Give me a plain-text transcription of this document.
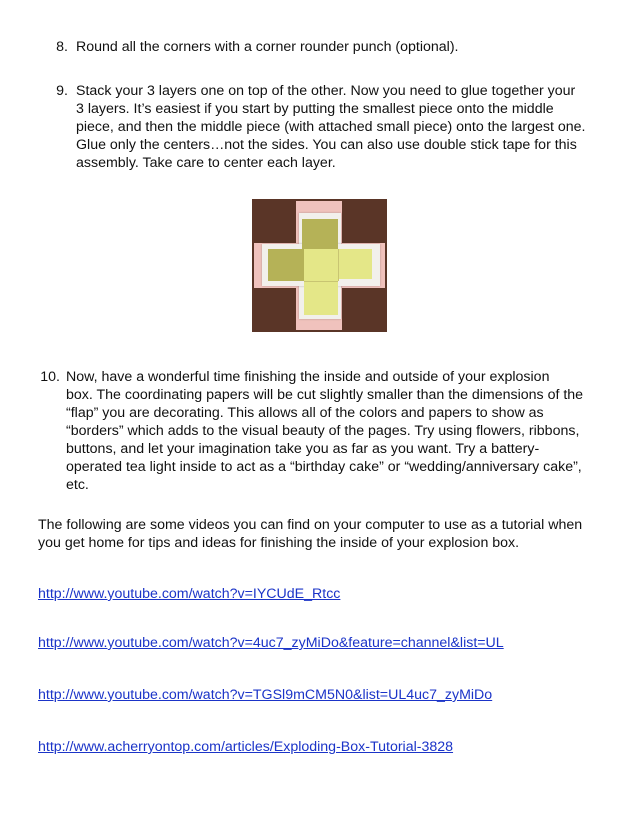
8. Round all the corners with a corner rounder punch (optional).
9. Stack your 3 layers one on top of the other. Now you need to glue together your
3 layers. It’s easiest if you start by putting the smallest piece onto the middle
piece, and then the middle piece (with attached small piece) onto the largest one.
Glue only the centers…not the sides. You can also use double stick tape for this
assembly. Take care to center each layer.
10. Now, have a wonderful time finishing the inside and outside of your explosion
box. The coordinating papers will be cut slightly smaller than the dimensions of the
“flap” you are decorating. This allows all of the colors and papers to show as
“borders” which adds to the visual beauty of the pages. Try using flowers, ribbons,
buttons, and let your imagination take you as far as you want. Try a battery-
operated tea light inside to act as a “birthday cake” or “wedding/anniversary cake”,
etc.
The following are some videos you can find on your computer to use as a tutorial when
you get home for tips and ideas for finishing the inside of your explosion box.
http://www.youtube.com/watch?v=IYCUdE_Rtcc
http://www.youtube.com/watch?v=4uc7_zyMiDo&feature=channel&list=UL
http://www.youtube.com/watch?v=TGSl9mCM5N0&list=UL4uc7_zyMiDo
http://www.acherryontop.com/articles/Exploding-Box-Tutorial-3828
